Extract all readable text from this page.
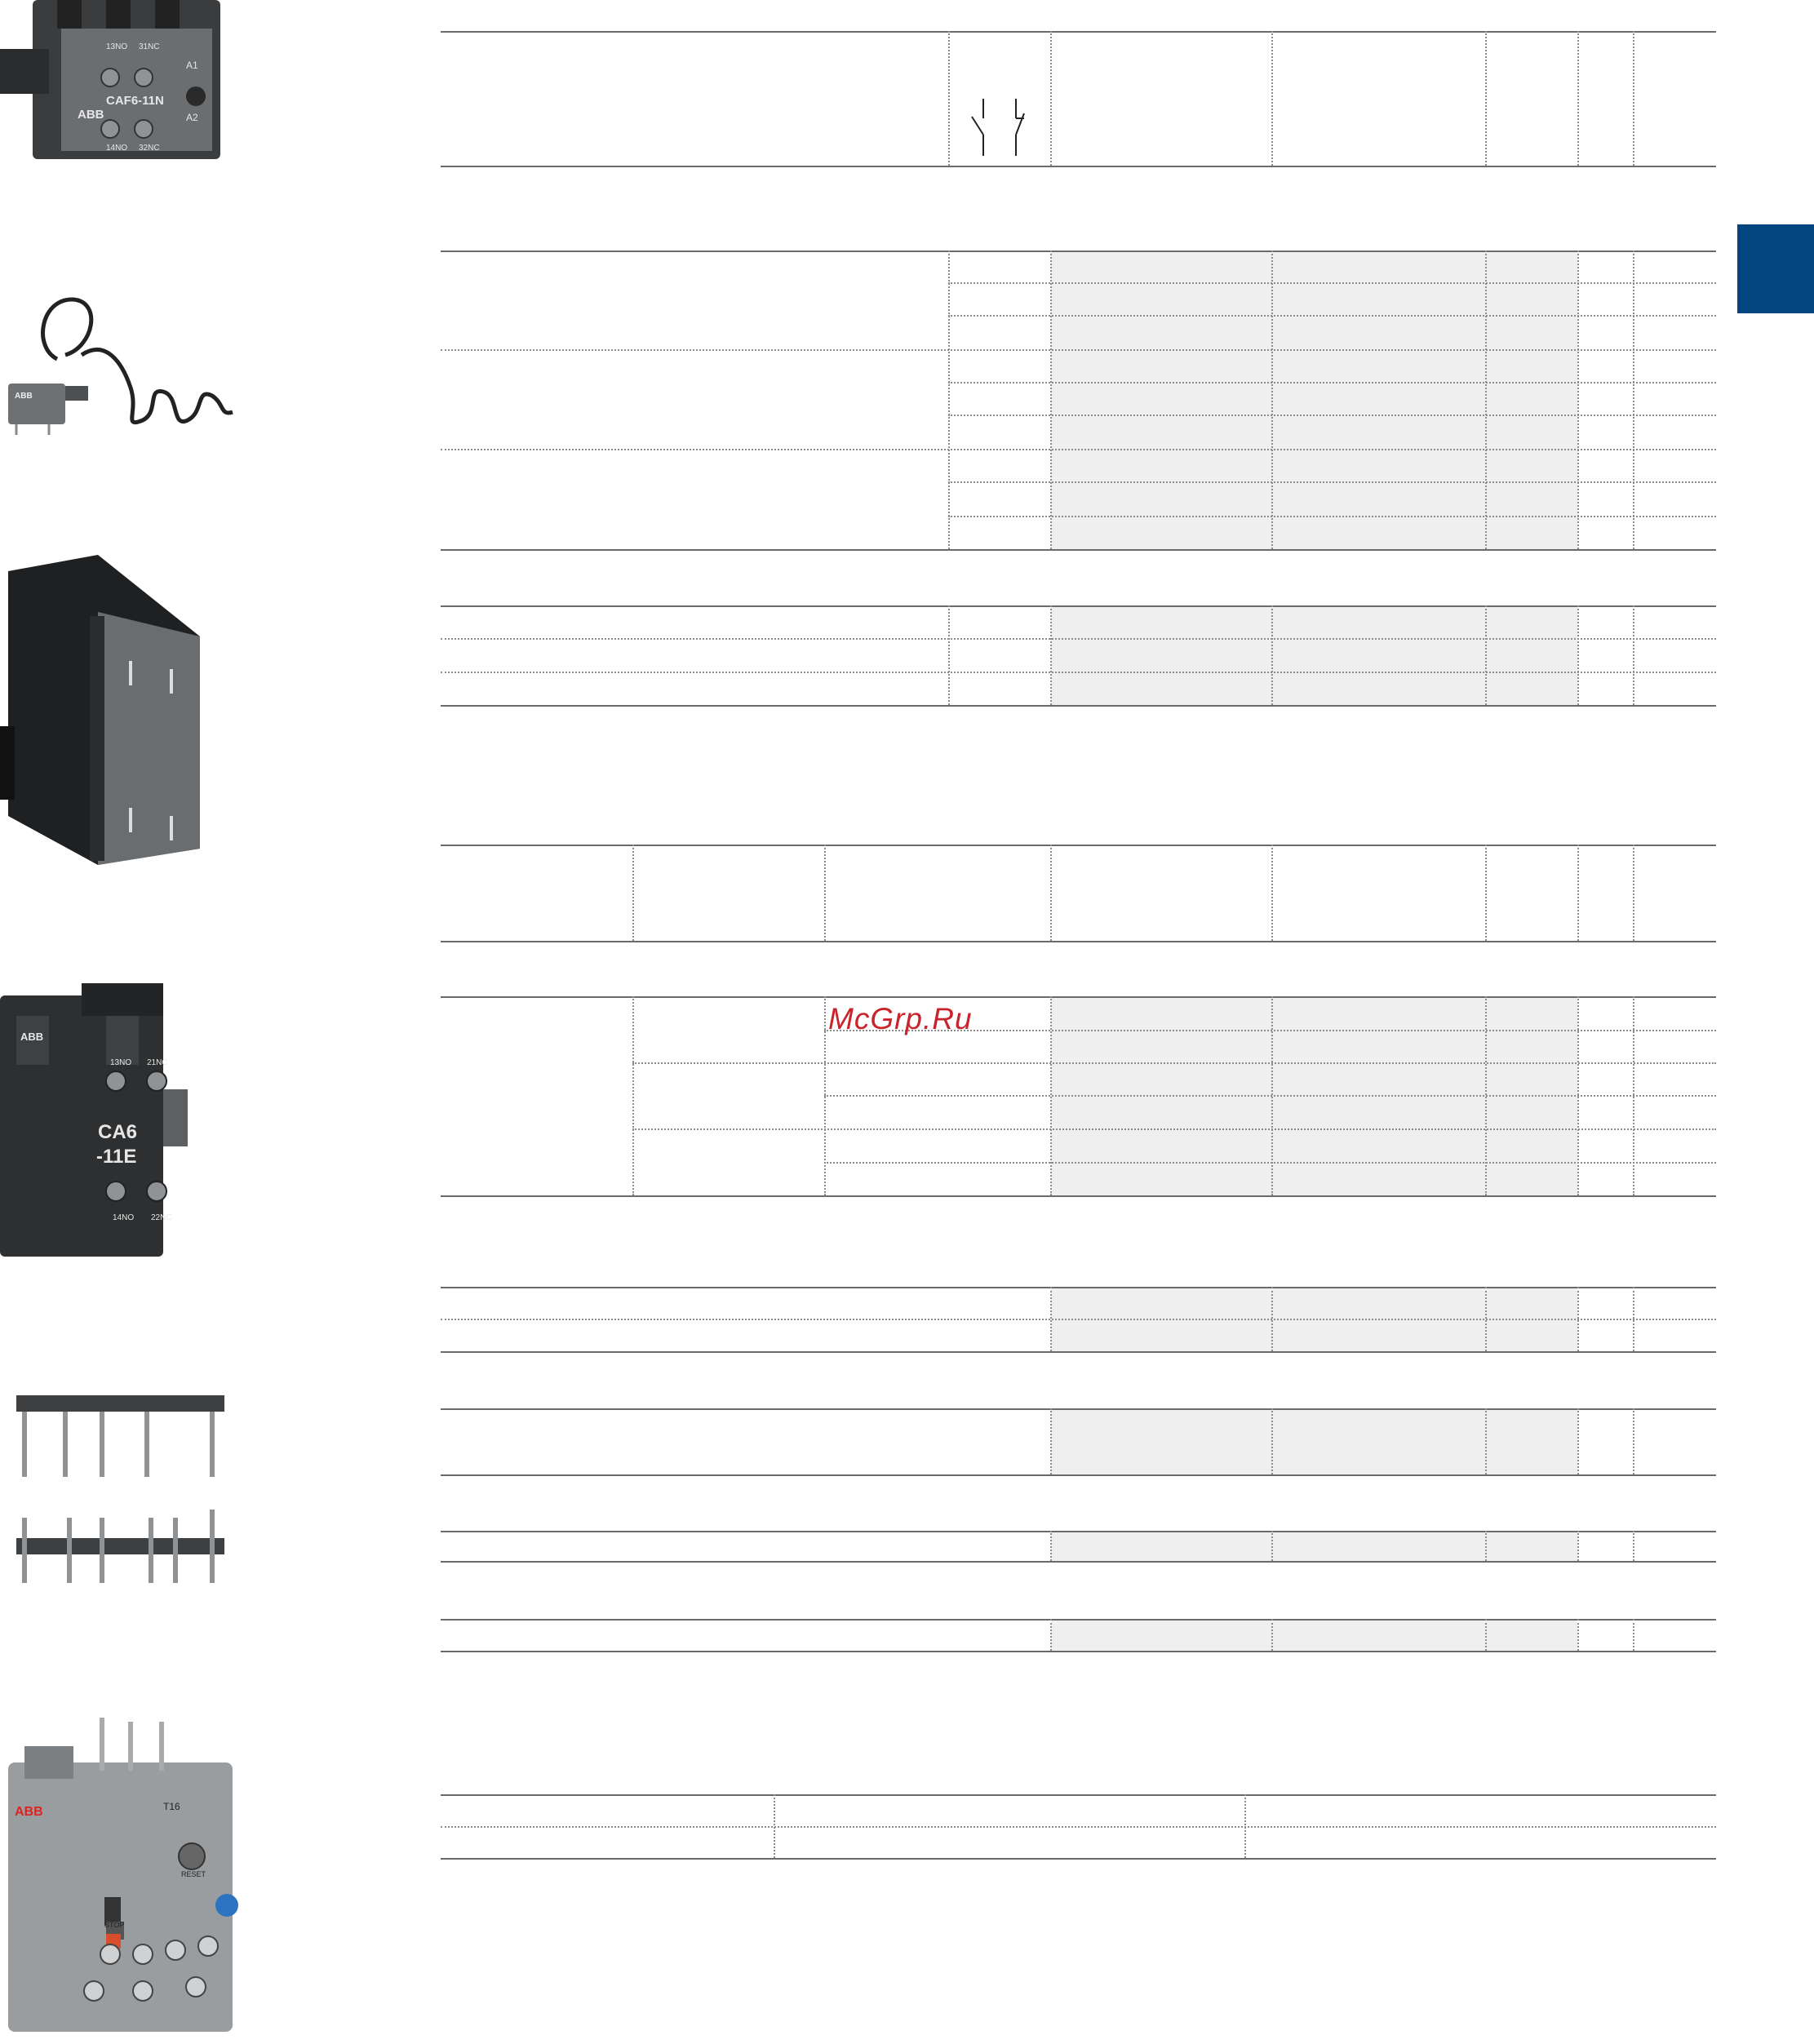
ABB
CAF6-11N
13NO 31NC
A1
A2
14NO 32NC
ABB
ABB
13NO 21NC
CA6
-11E
14NO 22NC
ABB	T16
STOP
RESET
McGrp.Ru
